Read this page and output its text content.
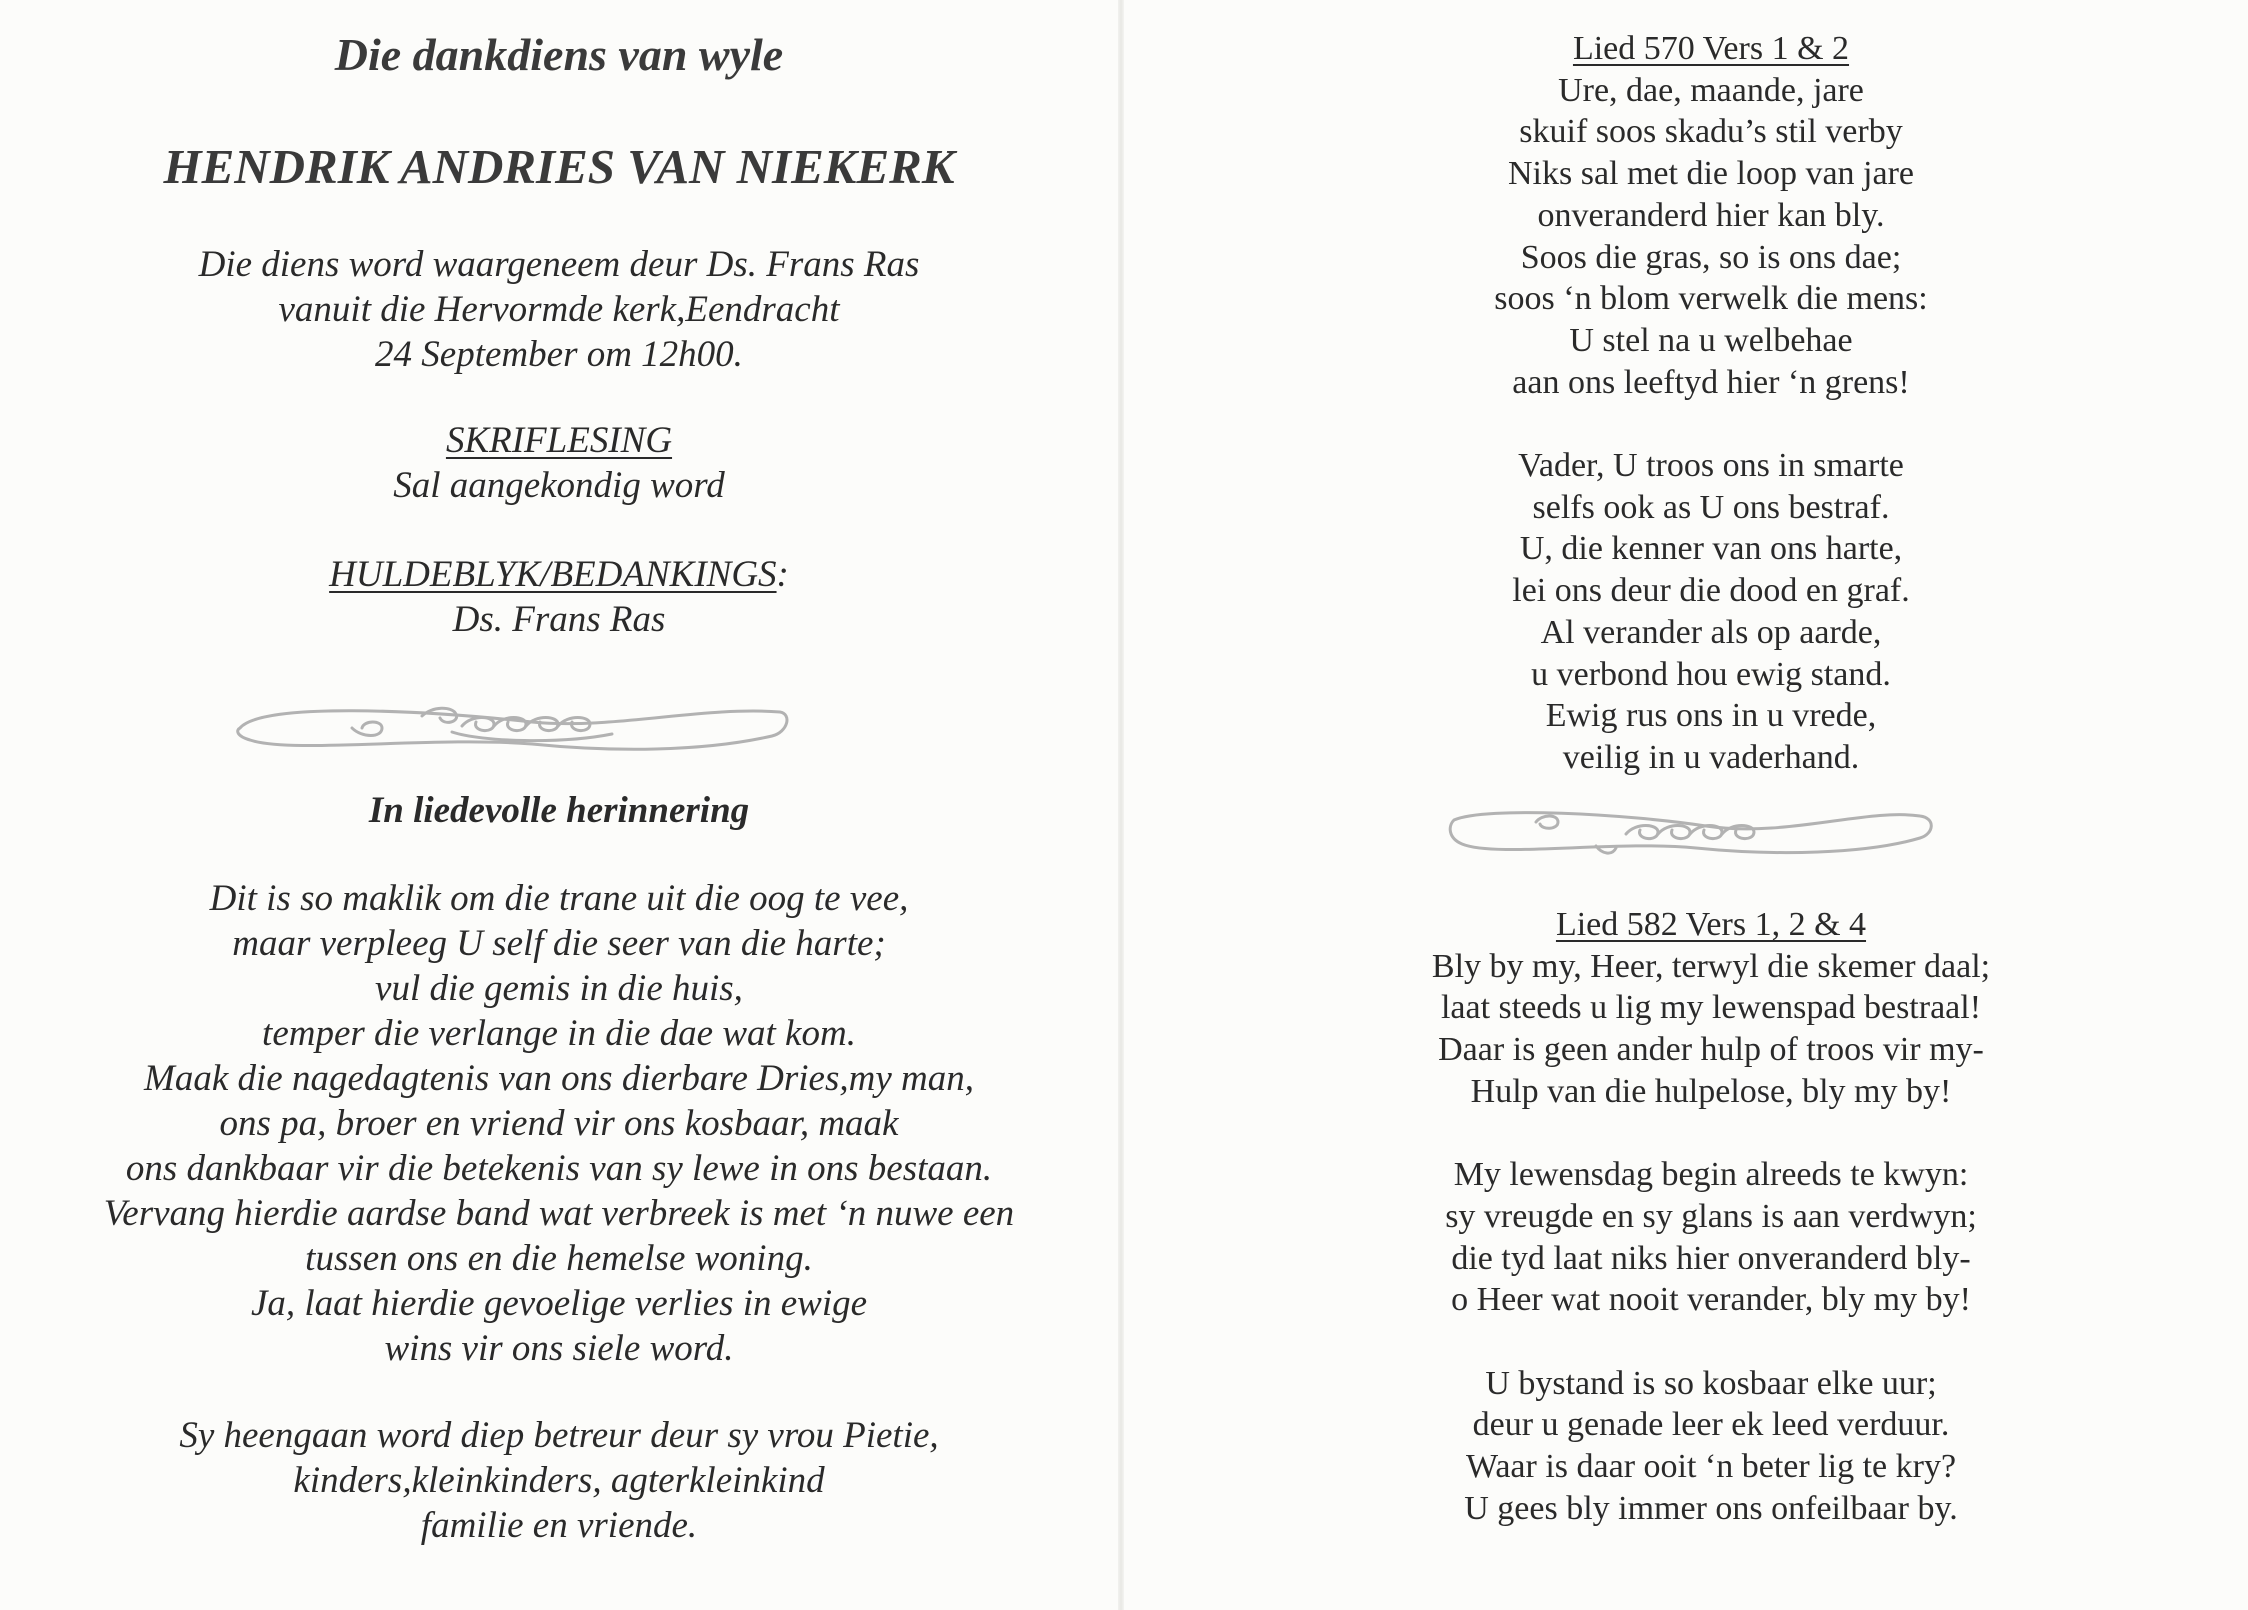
Die dankdiens van wyle
HENDRIK ANDRIES VAN NIEKERK
Die diens word waargeneem deur Ds. Frans Ras
vanuit die Hervormde kerk,Eendracht
24 September om 12h00.
SKRIFLESING
Sal aangekondig word
HULDEBLYK/BEDANKINGS:
Ds. Frans Ras
In liedevolle herinnering
Dit is so maklik om die trane uit die oog te vee,
maar verpleeg U self die seer van die harte;
vul die gemis in die huis,
temper die verlange in die dae wat kom.
Maak die nagedagtenis van ons dierbare Dries,my man,
ons pa, broer en vriend vir ons kosbaar, maak
ons dankbaar vir die betekenis van sy lewe in ons bestaan.
Vervang hierdie aardse band wat verbreek is met ‘n nuwe een
tussen ons en die hemelse woning.
Ja, laat hierdie gevoelige verlies in ewige
wins vir ons siele word.
Sy heengaan word diep betreur deur sy vrou Pietie,
kinders,kleinkinders, agterkleinkind
familie en vriende.
Lied 570 Vers 1 & 2
Ure, dae, maande, jare
skuif soos skadu’s stil verby
Niks sal met die loop van jare
onveranderd hier kan bly.
Soos die gras, so is ons dae;
soos ‘n blom verwelk die mens:
U stel na u welbehae
aan ons leeftyd hier ‘n grens!
Vader, U troos ons in smarte
selfs ook as U ons bestraf.
U, die kenner van ons harte,
lei ons deur die dood en graf.
Al verander als op aarde,
u verbond hou ewig stand.
Ewig rus ons in u vrede,
veilig in u vaderhand.
Lied 582 Vers 1, 2 & 4
Bly by my, Heer, terwyl die skemer daal;
laat steeds u lig my lewenspad bestraal!
Daar is geen ander hulp of troos vir my-
Hulp van die hulpelose, bly my by!
My lewensdag begin alreeds te kwyn:
sy vreugde en sy glans is aan verdwyn;
die tyd laat niks hier onveranderd bly-
o Heer wat nooit verander, bly my by!
U bystand is so kosbaar elke uur;
deur u genade leer ek leed verduur.
Waar is daar ooit ‘n beter lig te kry?
U gees bly immer ons onfeilbaar by.
